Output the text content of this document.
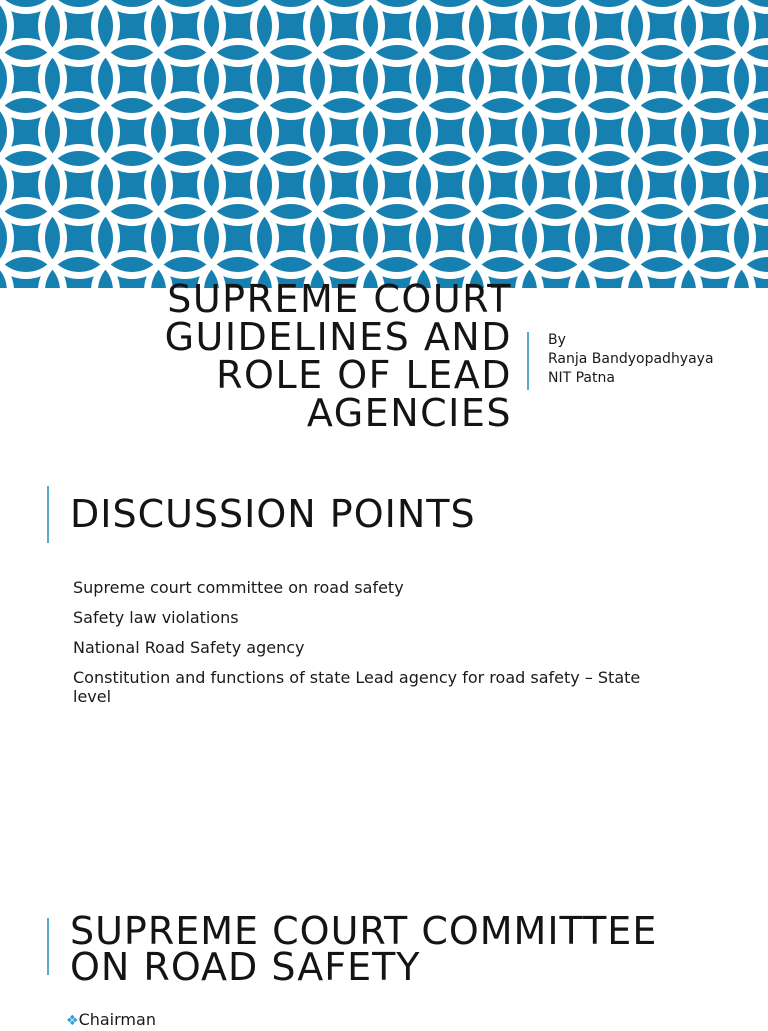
SUPREME COURT
GUIDELINES AND
ROLE OF LEAD
AGENCIES
By
Ranja Bandyopadhyaya
NIT Patna
DISCUSSION POINTS
Supreme court committee on road safety
Safety law violations
National Road Safety agency
Constitution and functions of state Lead agency for road safety – State level
SUPREME COURT COMMITTEE
ON ROAD SAFETY
❖Chairman
